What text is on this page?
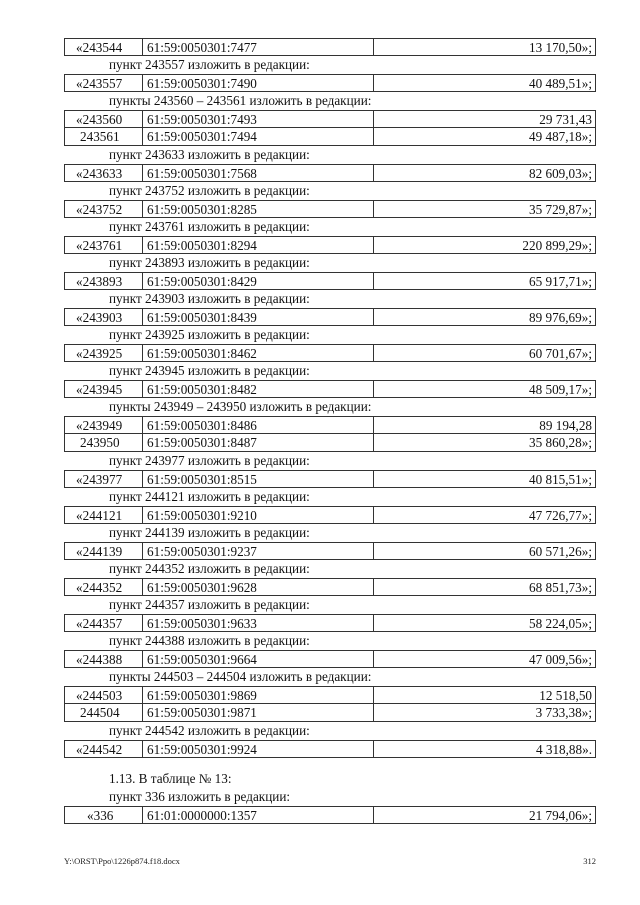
«243544	61:59:0050301:7477	13 170,50»;
пункт 243557 изложить в редакции:
«243557	61:59:0050301:7490	40 489,51»;
пункты 243560 – 243561 изложить в редакции:
«243560	61:59:0050301:7493	29 731,43
243561	61:59:0050301:7494	49 487,18»;
пункт 243633 изложить в редакции:
«243633	61:59:0050301:7568	82 609,03»;
пункт 243752 изложить в редакции:
«243752	61:59:0050301:8285	35 729,87»;
пункт 243761 изложить в редакции:
«243761	61:59:0050301:8294	220 899,29»;
пункт 243893 изложить в редакции:
«243893	61:59:0050301:8429	65 917,71»;
пункт 243903 изложить в редакции:
«243903	61:59:0050301:8439	89 976,69»;
пункт 243925 изложить в редакции:
«243925	61:59:0050301:8462	60 701,67»;
пункт 243945 изложить в редакции:
«243945	61:59:0050301:8482	48 509,17»;
пункты 243949 – 243950 изложить в редакции:
«243949	61:59:0050301:8486	89 194,28
243950	61:59:0050301:8487	35 860,28»;
пункт 243977 изложить в редакции:
«243977	61:59:0050301:8515	40 815,51»;
пункт 244121 изложить в редакции:
«244121	61:59:0050301:9210	47 726,77»;
пункт 244139 изложить в редакции:
«244139	61:59:0050301:9237	60 571,26»;
пункт 244352 изложить в редакции:
«244352	61:59:0050301:9628	68 851,73»;
пункт 244357 изложить в редакции:
«244357	61:59:0050301:9633	58 224,05»;
пункт 244388 изложить в редакции:
«244388	61:59:0050301:9664	47 009,56»;
пункты 244503 – 244504 изложить в редакции:
«244503	61:59:0050301:9869	12 518,50
244504	61:59:0050301:9871	3 733,38»;
пункт 244542 изложить в редакции:
«244542	61:59:0050301:9924	4 318,88».
1.13. В таблице № 13:
пункт 336 изложить в редакции:
«336	61:01:0000000:1357	21 794,06»;
Y:\ORST\Ppo\1226p874.f18.docx	312
